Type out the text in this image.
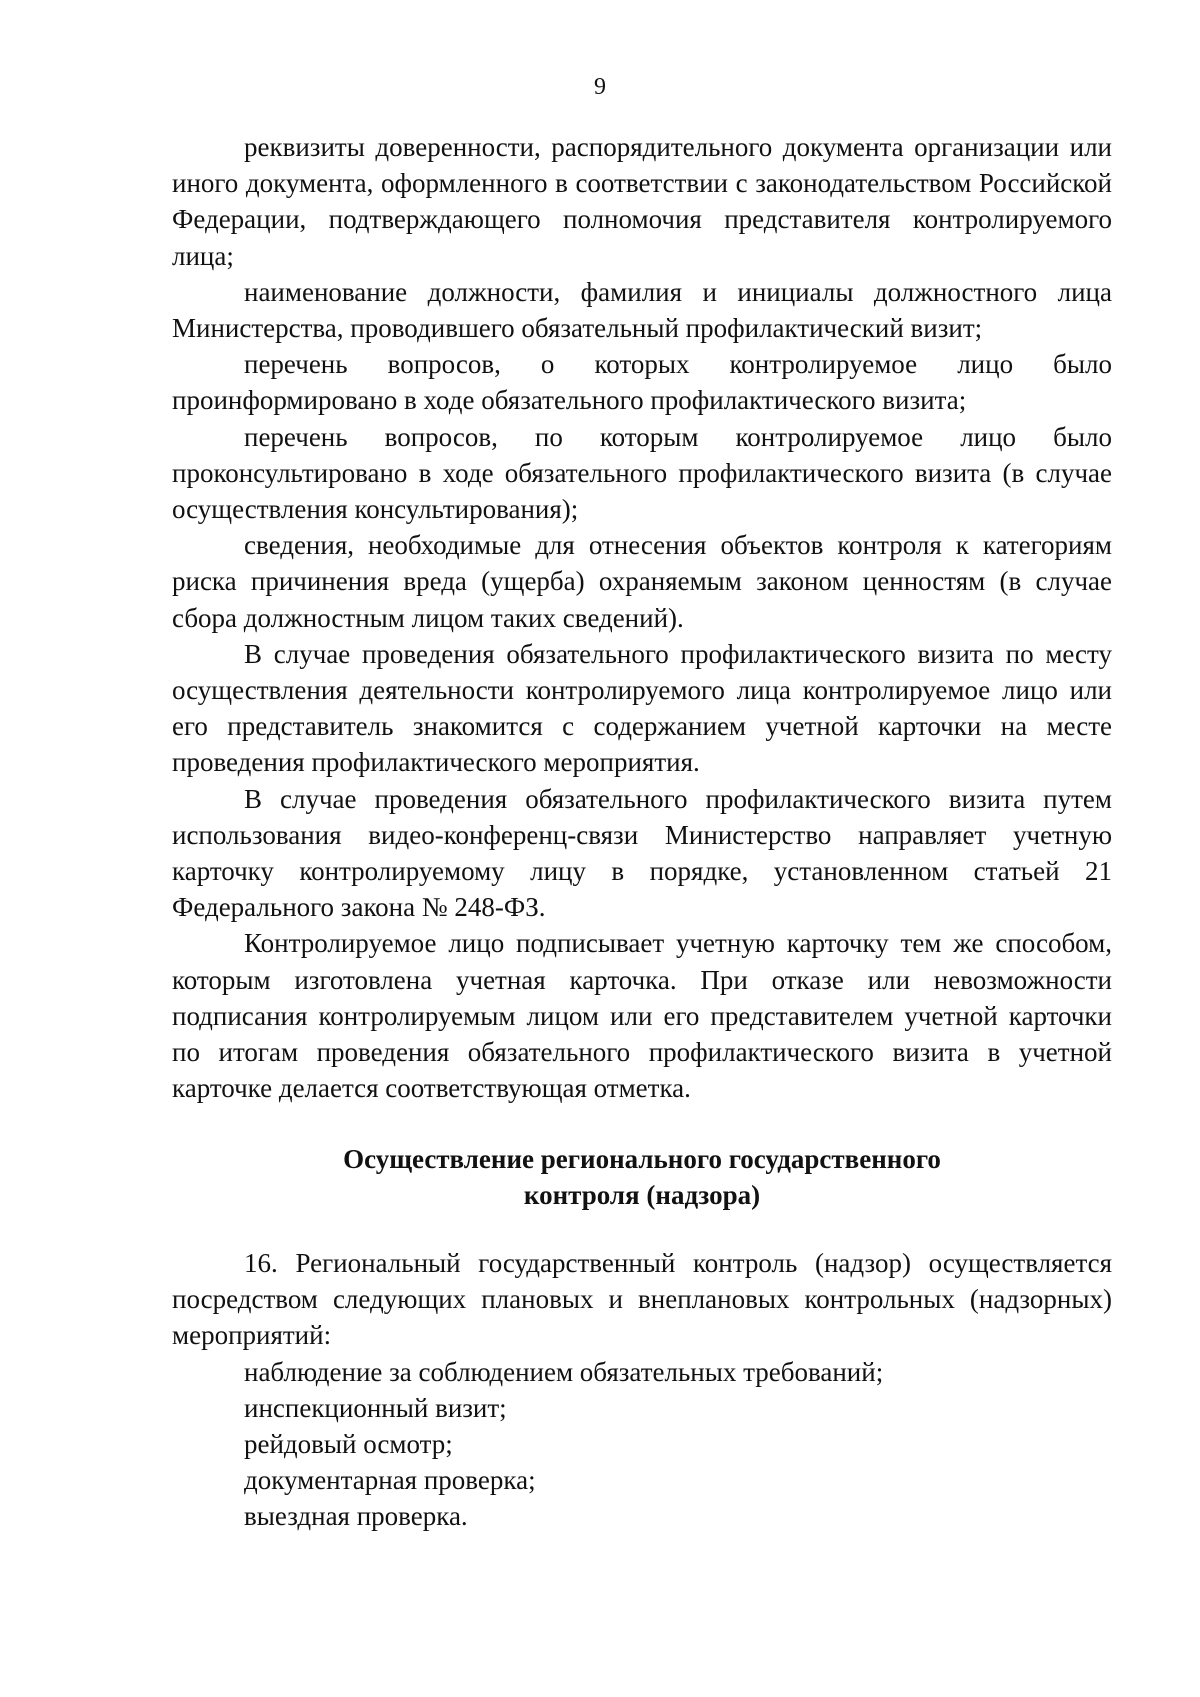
9

реквизиты доверенности, распорядительного документа организации или иного документа, оформленного в соответствии с законодательством Российской Федерации, подтверждающего полномочия представителя контролируемого лица;

наименование должности, фамилия и инициалы должностного лица Министерства, проводившего обязательный профилактический визит;

перечень вопросов, о которых контролируемое лицо было проинформировано в ходе обязательного профилактического визита;

перечень вопросов, по которым контролируемое лицо было проконсультировано в ходе обязательного профилактического визита (в случае осуществления консультирования);

сведения, необходимые для отнесения объектов контроля к категориям риска причинения вреда (ущерба) охраняемым законом ценностям (в случае сбора должностным лицом таких сведений).

В случае проведения обязательного профилактического визита по месту осуществления деятельности контролируемого лица контролируемое лицо или его представитель знакомится с содержанием учетной карточки на месте проведения профилактического мероприятия.

В случае проведения обязательного профилактического визита путем использования видео-конференц-связи Министерство направляет учетную карточку контролируемому лицу в порядке, установленном статьей 21 Федерального закона № 248-ФЗ.

Контролируемое лицо подписывает учетную карточку тем же способом, которым изготовлена учетная карточка. При отказе или невозможности подписания контролируемым лицом или его представителем учетной карточки по итогам проведения обязательного профилактического визита в учетной карточке делается соответствующая отметка.

Осуществление регионального государственного
контроля (надзора)

16. Региональный государственный контроль (надзор) осуществляется посредством следующих плановых и внеплановых контрольных (надзорных) мероприятий:

наблюдение за соблюдением обязательных требований;

инспекционный визит;

рейдовый осмотр;

документарная проверка;

выездная проверка.
